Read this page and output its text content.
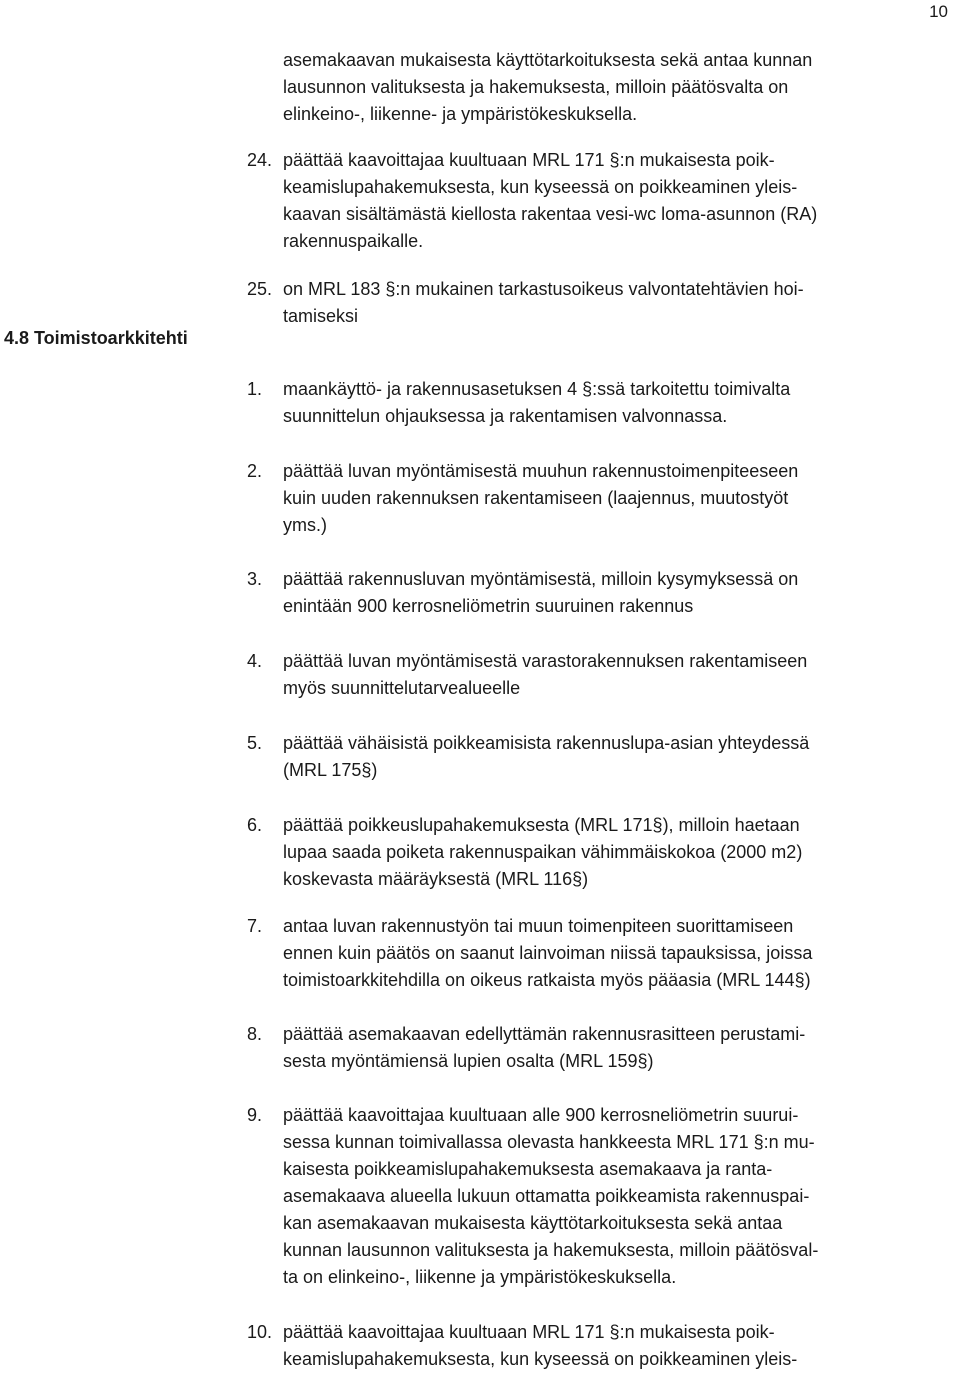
10
4.8 Toimistoarkkitehti
asemakaavan mukaisesta käyttötarkoituksesta sekä antaa kunnan
lausunnon valituksesta ja hakemuksesta, milloin päätösvalta on
elinkeino-, liikenne- ja ympäristökeskuksella.
24. päättää kaavoittajaa kuultuaan MRL 171 §:n mukaisesta poik-
keamislupahakemuksesta, kun kyseessä on poikkeaminen yleis-
kaavan sisältämästä kiellosta rakentaa vesi-wc loma-asunnon (RA)
rakennuspaikalle.
25. on MRL 183 §:n mukainen tarkastusoikeus valvontatehtävien hoi-
tamiseksi
1. maankäyttö- ja rakennusasetuksen 4 §:ssä tarkoitettu toimivalta
suunnittelun ohjauksessa ja rakentamisen valvonnassa.
2. päättää luvan myöntämisestä muuhun rakennustoimenpiteeseen
kuin uuden rakennuksen rakentamiseen (laajennus, muutostyöt
yms.)
3. päättää rakennusluvan myöntämisestä, milloin kysymyksessä on
enintään 900 kerrosneliömetrin suuruinen rakennus
4. päättää luvan myöntämisestä varastorakennuksen rakentamiseen
myös suunnittelutarvealueelle
5. päättää vähäisistä poikkeamisista rakennuslupa-asian yhteydessä
(MRL 175§)
6. päättää poikkeuslupahakemuksesta (MRL 171§), milloin haetaan
lupaa saada poiketa rakennuspaikan vähimmäiskokoa (2000 m2)
koskevasta määräyksestä (MRL 116§)
7. antaa luvan rakennustyön tai muun toimenpiteen suorittamiseen
ennen kuin päätös on saanut lainvoiman niissä tapauksissa, joissa
toimistoarkkitehdilla on oikeus ratkaista myös pääasia (MRL 144§)
8. päättää asemakaavan edellyttämän rakennusrasitteen perustami-
sesta myöntämiensä lupien osalta (MRL 159§)
9. päättää kaavoittajaa kuultuaan alle 900 kerrosneliömetrin suurui-
sessa kunnan toimivallassa olevasta hankkeesta MRL 171 §:n mu-
kaisesta poikkeamislupahakemuksesta asemakaava ja ranta-
asemakaava alueella lukuun ottamatta poikkeamista rakennuspai-
kan asemakaavan mukaisesta käyttötarkoituksesta sekä antaa
kunnan lausunnon valituksesta ja hakemuksesta, milloin päätösval-
ta on elinkeino-, liikenne ja ympäristökeskuksella.
10. päättää kaavoittajaa kuultuaan MRL 171 §:n mukaisesta poik-
keamislupahakemuksesta, kun kyseessä on poikkeaminen yleis-
